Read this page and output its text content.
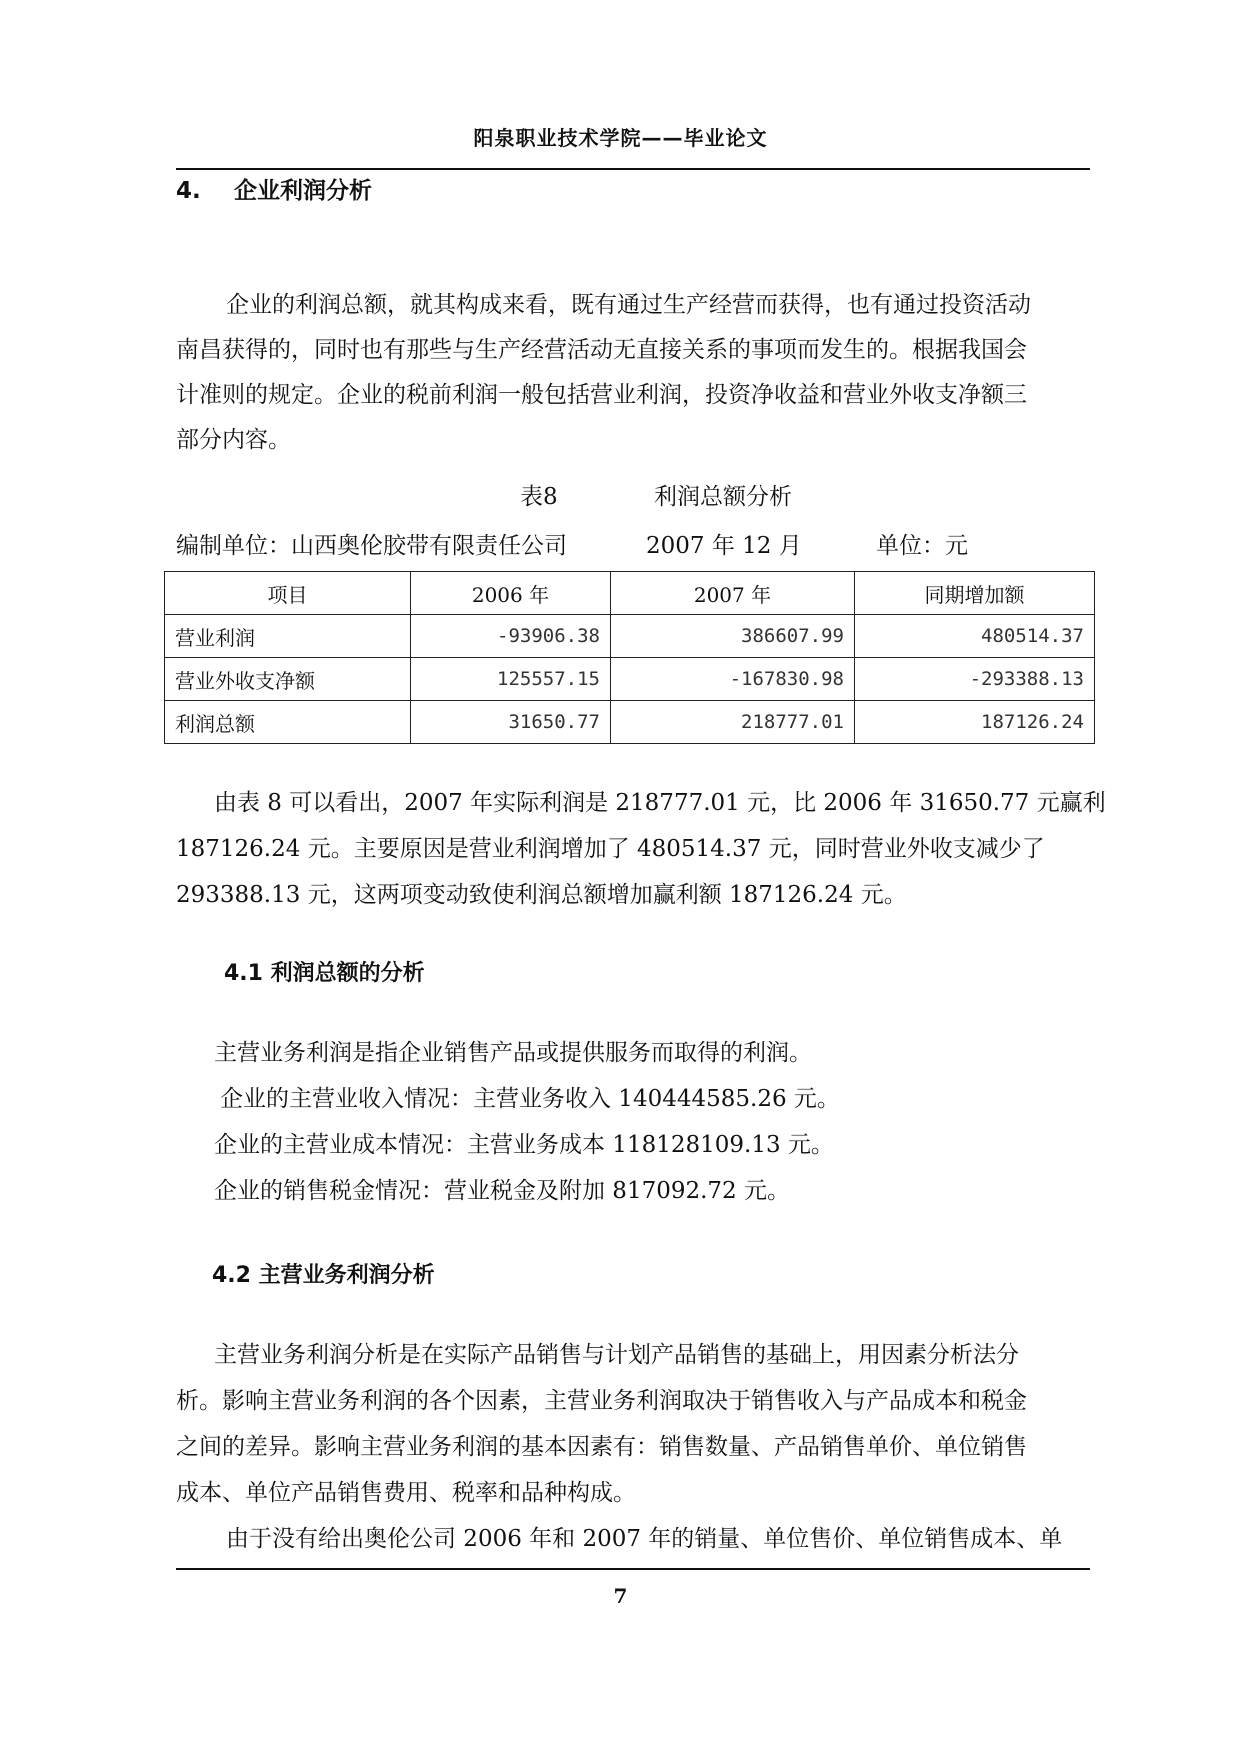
阳泉职业技术学院——毕业论文
4. 企业利润分析
企业的利润总额，就其构成来看，既有通过生产经营而获得，也有通过投资活动
南昌获得的，同时也有那些与生产经营活动无直接关系的事项而发生的。根据我国会
计准则的规定。企业的税前利润一般包括营业利润，投资净收益和营业外收支净额三
部分内容。
表8	利润总额分析
编制单位：山西奥伦胶带有限责任公司	2007 年 12 月	单位：元
项目	2006 年	2007 年	同期增加额
营业利润	-93906.38	386607.99	480514.37
营业外收支净额	125557.15	-167830.98	-293388.13
利润总额	31650.77	218777.01	187126.24
由表 8 可以看出，2007 年实际利润是 218777.01 元，比 2006 年 31650.77 元赢利
187126.24 元。主要原因是营业利润增加了 480514.37 元，同时营业外收支减少了
293388.13 元，这两项变动致使利润总额增加赢利额 187126.24 元。
4.1 利润总额的分析
主营业务利润是指企业销售产品或提供服务而取得的利润。
企业的主营业收入情况：主营业务收入 140444585.26 元。
企业的主营业成本情况：主营业务成本 118128109.13 元。
企业的销售税金情况：营业税金及附加 817092.72 元。
4.2 主营业务利润分析
主营业务利润分析是在实际产品销售与计划产品销售的基础上，用因素分析法分
析。影响主营业务利润的各个因素，主营业务利润取决于销售收入与产品成本和税金
之间的差异。影响主营业务利润的基本因素有：销售数量、产品销售单价、单位销售
成本、单位产品销售费用、税率和品种构成。
由于没有给出奥伦公司 2006 年和 2007 年的销量、单位售价、单位销售成本、单
7
